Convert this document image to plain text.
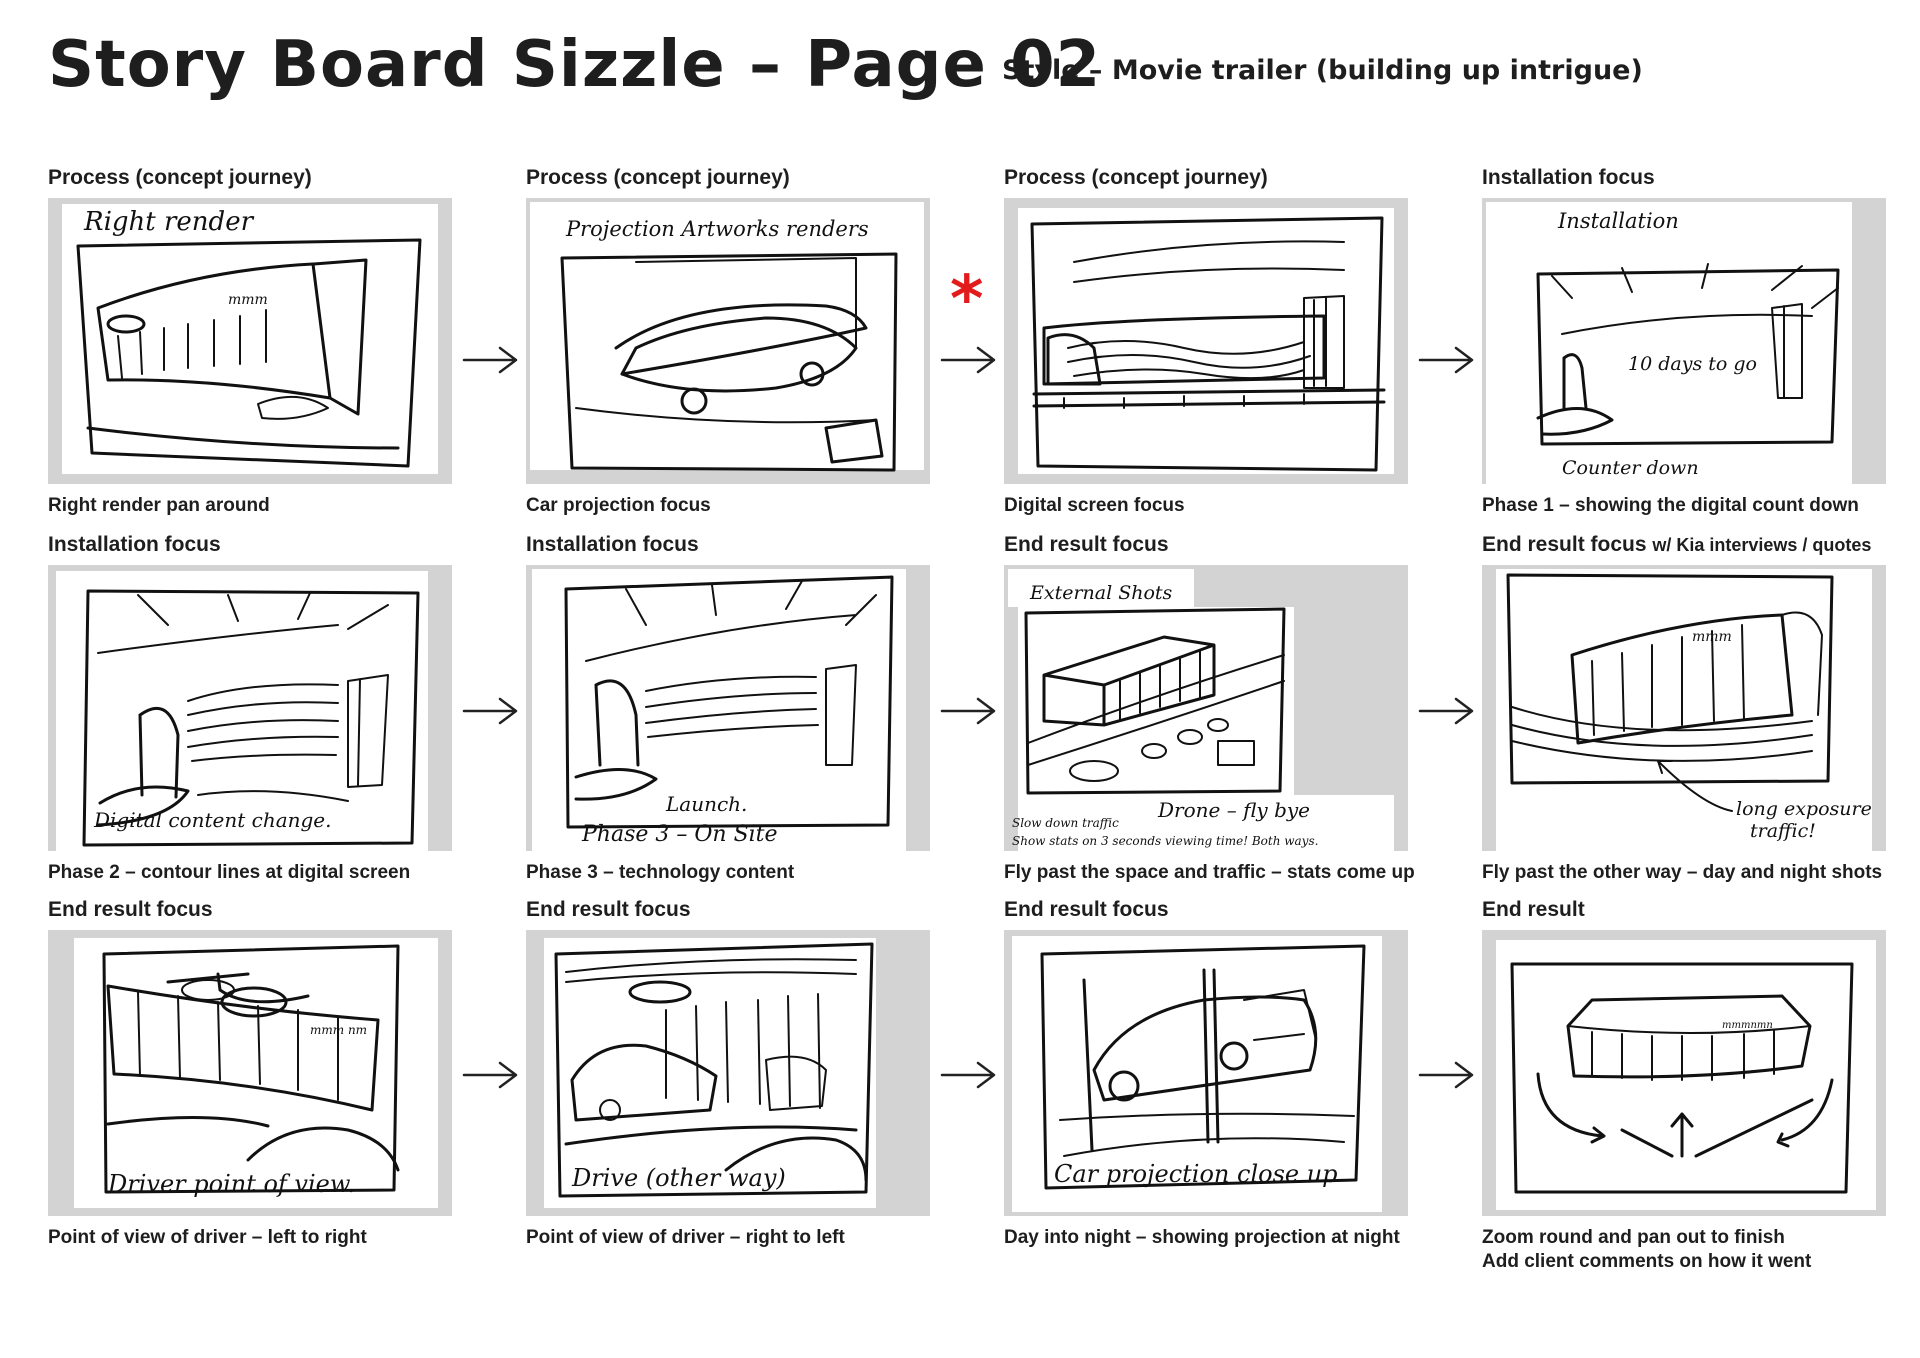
Story Board Sizzle – Page 02
Style – Movie trailer (building up intrigue)
Process (concept journey)
Right render
mmm
Right render pan around
Process (concept journey)
Projection Artworks renders
Car projection focus
*
Process (concept journey)
Digital screen focus
Installation focus
Installation
10 days to go
Counter down
Phase 1 – showing the digital count down
Installation focus
Digital content change.
Phase 2 – contour lines at digital screen
Installation focus
Launch.
Phase 3 – On Site
Phase 3 – technology content
End result focus
External Shots
Drone – fly bye
Slow down traffic
Show stats on 3 seconds viewing time! Both ways.
Fly past the space and traffic – stats come up
End result focus w/ Kia interviews / quotes
mmm
long exposure
traffic!
Fly past the other way – day and night shots
End result focus
mmm nm
Driver point of view.
Point of view of driver – left to right
End result focus
Drive (other way)
Point of view of driver – right to left
End result focus
Car projection close up
Day into night – showing projection at night
End result
mmmnmn
Zoom round and pan out to finish
Add client comments on how it went
